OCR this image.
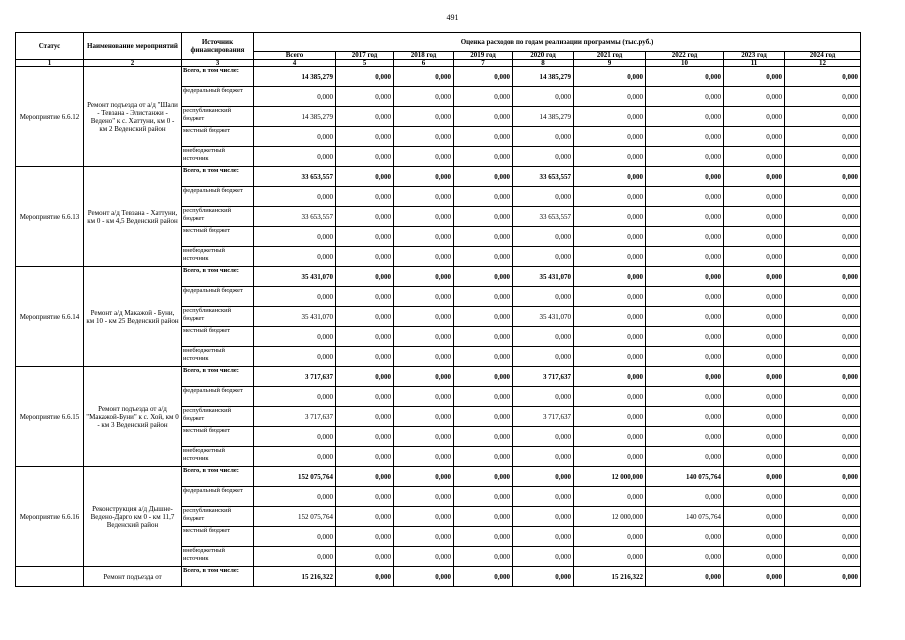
491
Статус	Наименование мероприятий	Источник финансирования	Оценка расходов по годам реализации программы (тыс.руб.)								
			Всего	2017 год	2018 год	2019 год	2020 год	2021 год	2022 год	2023 год	2024 год
1	2	3	4	5	6	7	8	9	10	11	12
Мероприятие 6.6.12	Ремонт подъезда от а/д "Шали - Тевзана - Элистанжи - Ведено" к с. Хаттуни, км 0 - км 2 Веденский район	Всего, в том числе:	14 385,279	0,000	0,000	0,000	14 385,279	0,000	0,000	0,000	0,000
		федеральный бюджет	0,000	0,000	0,000	0,000	0,000	0,000	0,000	0,000	0,000
		республиканский бюджет	14 385,279	0,000	0,000	0,000	14 385,279	0,000	0,000	0,000	0,000
		местный бюджет	0,000	0,000	0,000	0,000	0,000	0,000	0,000	0,000	0,000
		внебюджетный источник	0,000	0,000	0,000	0,000	0,000	0,000	0,000	0,000	0,000
Мероприятие 6.6.13	Ремонт а/д Тевзана - Хаттуни, км 0 - км 4,5 Веденский район	Всего, в том числе:	33 653,557	0,000	0,000	0,000	33 653,557	0,000	0,000	0,000	0,000
		федеральный бюджет	0,000	0,000	0,000	0,000	0,000	0,000	0,000	0,000	0,000
		республиканский бюджет	33 653,557	0,000	0,000	0,000	33 653,557	0,000	0,000	0,000	0,000
		местный бюджет	0,000	0,000	0,000	0,000	0,000	0,000	0,000	0,000	0,000
		внебюджетный источник	0,000	0,000	0,000	0,000	0,000	0,000	0,000	0,000	0,000
Мероприятие 6.6.14	Ремонт а/д Макажой - Буни, км 10 - км 25 Веденский район	Всего, в том числе:	35 431,070	0,000	0,000	0,000	35 431,070	0,000	0,000	0,000	0,000
		федеральный бюджет	0,000	0,000	0,000	0,000	0,000	0,000	0,000	0,000	0,000
		республиканский бюджет	35 431,070	0,000	0,000	0,000	35 431,070	0,000	0,000	0,000	0,000
		местный бюджет	0,000	0,000	0,000	0,000	0,000	0,000	0,000	0,000	0,000
		внебюджетный источник	0,000	0,000	0,000	0,000	0,000	0,000	0,000	0,000	0,000
Мероприятие 6.6.15	Ремонт подъезда от а/д "Макажой-Буни" к с. Хой, км 0 - км 3 Веденский район	Всего, в том числе:	3 717,637	0,000	0,000	0,000	3 717,637	0,000	0,000	0,000	0,000
		федеральный бюджет	0,000	0,000	0,000	0,000	0,000	0,000	0,000	0,000	0,000
		республиканский бюджет	3 717,637	0,000	0,000	0,000	3 717,637	0,000	0,000	0,000	0,000
		местный бюджет	0,000	0,000	0,000	0,000	0,000	0,000	0,000	0,000	0,000
		внебюджетный источник	0,000	0,000	0,000	0,000	0,000	0,000	0,000	0,000	0,000
Мероприятие 6.6.16	Реконструкция а/д Дышне-Ведено-Дарго км 0 - км 11,7 Веденский район	Всего, в том числе:	152 075,764	0,000	0,000	0,000	0,000	12 000,000	140 075,764	0,000	0,000
		федеральный бюджет	0,000	0,000	0,000	0,000	0,000	0,000	0,000	0,000	0,000
		республиканский бюджет	152 075,764	0,000	0,000	0,000	0,000	12 000,000	140 075,764	0,000	0,000
		местный бюджет	0,000	0,000	0,000	0,000	0,000	0,000	0,000	0,000	0,000
		внебюджетный источник	0,000	0,000	0,000	0,000	0,000	0,000	0,000	0,000	0,000
	Ремонт подъезда от	Всего, в том числе:	15 216,322	0,000	0,000	0,000	0,000	15 216,322	0,000	0,000	0,000
